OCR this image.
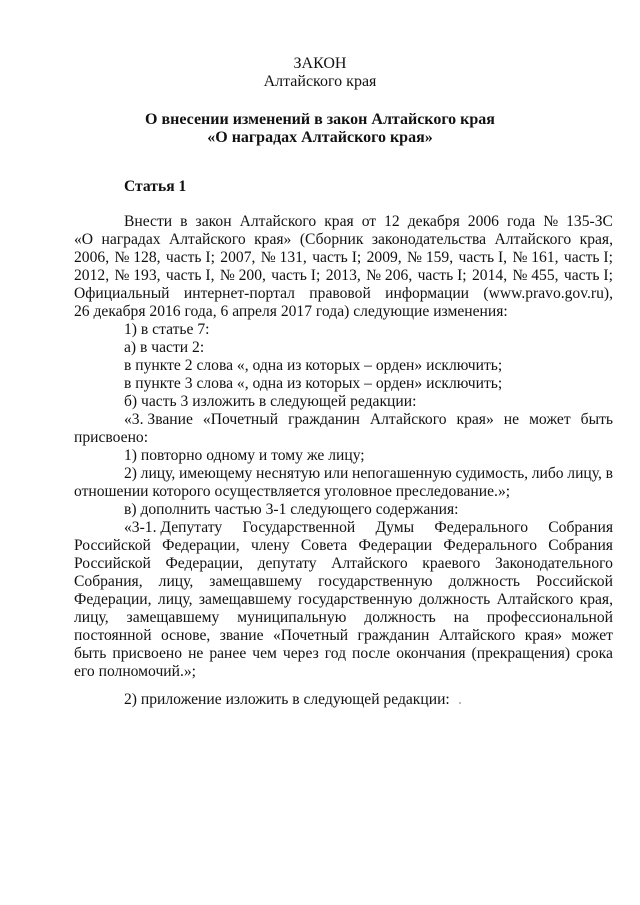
ЗАКОН
Алтайского края
О внесении изменений в закон Алтайского края
«О наградах Алтайского края»
Статья 1
Внести в закон Алтайского края от 12 декабря 2006 года № 135-ЗС
«О наградах Алтайского края» (Сборник законодательства Алтайского края,
2006, № 128, часть I; 2007, № 131, часть I; 2009, № 159, часть I, № 161, часть I;
2012, № 193, часть I, № 200, часть I; 2013, № 206, часть I; 2014, № 455, часть I;
Официальный интернет-портал правовой информации (www.pravo.gov.ru),
26 декабря 2016 года, 6 апреля 2017 года) следующие изменения:
1) в статье 7:
а) в части 2:
в пункте 2 слова «, одна из которых – орден» исключить;
в пункте 3 слова «, одна из которых – орден» исключить;
б) часть 3 изложить в следующей редакции:
«3. Звание «Почетный гражданин Алтайского края» не может быть
присвоено:
1) повторно одному и тому же лицу;
2) лицу, имеющему неснятую или непогашенную судимость, либо лицу, в
отношении которого осуществляется уголовное преследование.»;
в) дополнить частью 3-1 следующего содержания:
«3-1. Депутату Государственной Думы Федерального Собрания
Российской Федерации, члену Совета Федерации Федерального Собрания
Российской Федерации, депутату Алтайского краевого Законодательного
Собрания, лицу, замещавшему государственную должность Российской
Федерации, лицу, замещавшему государственную должность Алтайского края,
лицу, замещавшему муниципальную должность на профессиональной
постоянной основе, звание «Почетный гражданин Алтайского края» может
быть присвоено не ранее чем через год после окончания (прекращения) срока
его полномочий.»;
2) приложение изложить в следующей редакции:
